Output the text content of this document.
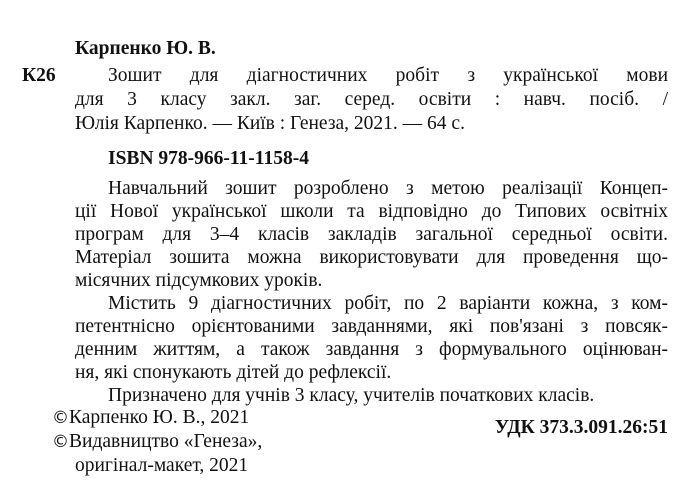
Карпенко Ю. В.
К26	Зошит для діагностичних робіт з української мови
для 3 класу закл. заг. серед. освіти : навч. посіб. /
Юлія Карпенко. — Київ : Генеза, 2021. — 64 с.
ISBN 978-966-11-1158-4
Навчальний зошит розроблено з метою реалізації Концеп-
ції Нової української школи та відповідно до Типових освітніх
програм для 3–4 класів закладів загальної середньої освіти.
Матеріал зошита можна використовувати для проведення що-
місячних підсумкових уроків.
Містить 9 діагностичних робіт, по 2 варіанти кожна, з ком-
петентнісно орієнтованими завданнями, які пов'язані з повсяк-
денним життям, а також завдання з формувального оцінюван-
ня, які спонукають дітей до рефлексії.
Призначено для учнів 3 класу, учителів початкових класів.
©Карпенко Ю. В., 2021
©Видавництво «Генеза»,
оригінал-макет, 2021
УДК 373.3.091.26:51
